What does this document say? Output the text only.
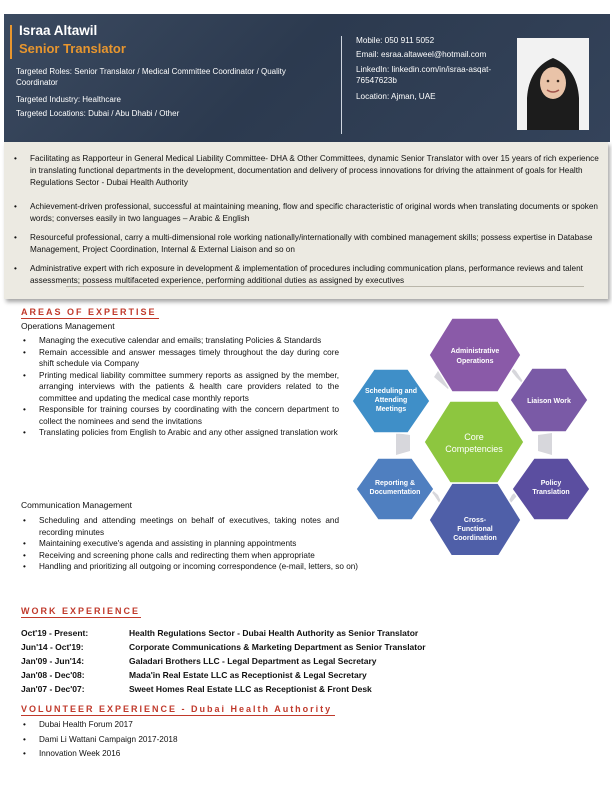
Israa Altawil
Senior Translator
Targeted Roles: Senior Translator / Medical Committee Coordinator / Quality Coordinator
Targeted Industry: Healthcare
Targeted Locations: Dubai / Abu Dhabi / Other
Mobile: 050 911 5052
Email: esraa.altaweel@hotmail.com
LinkedIn: linkedin.com/in/israa-asqat-
76547623b
Location: Ajman, UAE
•	Facilitating as Rapporteur in General Medical Liability Committee- DHA & Other Committees, dynamic Senior Translator with over 15 years of rich experience in translating functional departments in the development, documentation and delivery of process innovations for driving the attainment of goals for Health Regulations Sector - Dubai Health Authority
•	Achievement-driven professional, successful at maintaining meaning, flow and specific characteristic of original words when translating documents or spoken words; converses easily in two languages – Arabic & English
•	Resourceful professional, carry a multi-dimensional role working nationally/internationally with combined management skills; possess expertise in Database Management, Project Coordination, Internal & External Liaison and so on
•	Administrative expert with rich exposure in development & implementation of procedures including communication plans, performance reviews and talent assessments; possess multifaceted experience, performing additional duties as assigned by executives
AREAS OF EXPERTISE
Operations Management
• Managing the executive calendar and emails; translating Policies & Standards
• Remain accessible and answer messages timely throughout the day during core shift schedule via Company
• Printing medical liability committee summery reports as assigned by the member, arranging interviews with the patients & health care providers related to the committee and updating the medical case monthly reports
• Responsible for training courses by coordinating with the concern department to collect the nominees and send the invitations
• Translating policies from English to Arabic and any other assigned translation work
Communication Management
• Scheduling and attending meetings on behalf of executives, taking notes and recording minutes
• Maintaining executive's agenda and assisting in planning appointments
• Receiving and screening phone calls and redirecting them when appropriate
• Handling and prioritizing all outgoing or incoming correspondence (e-mail, letters, so on)
Administrative
Operations
Liaison Work
Policy
Translation
Cross-
Functional
Coordination
Reporting &
Documentation
Scheduling and
Attending
Meetings
Core
Competencies
WORK EXPERIENCE
Oct'19 - Present:	Health Regulations Sector - Dubai Health Authority as Senior Translator
Jun'14 - Oct'19:	Corporate Communications & Marketing Department as Senior Translator
Jan'09 - Jun'14:	Galadari Brothers LLC - Legal Department as Legal Secretary
Jan'08 - Dec'08:	Mada'in Real Estate LLC as Receptionist & Legal Secretary
Jan'07 - Dec'07:	Sweet Homes Real Estate LLC as Receptionist & Front Desk
VOLUNTEER EXPERIENCE - Dubai Health Authority
• Dubai Health Forum 2017
• Dami Li Wattani Campaign 2017-2018
• Innovation Week 2016
